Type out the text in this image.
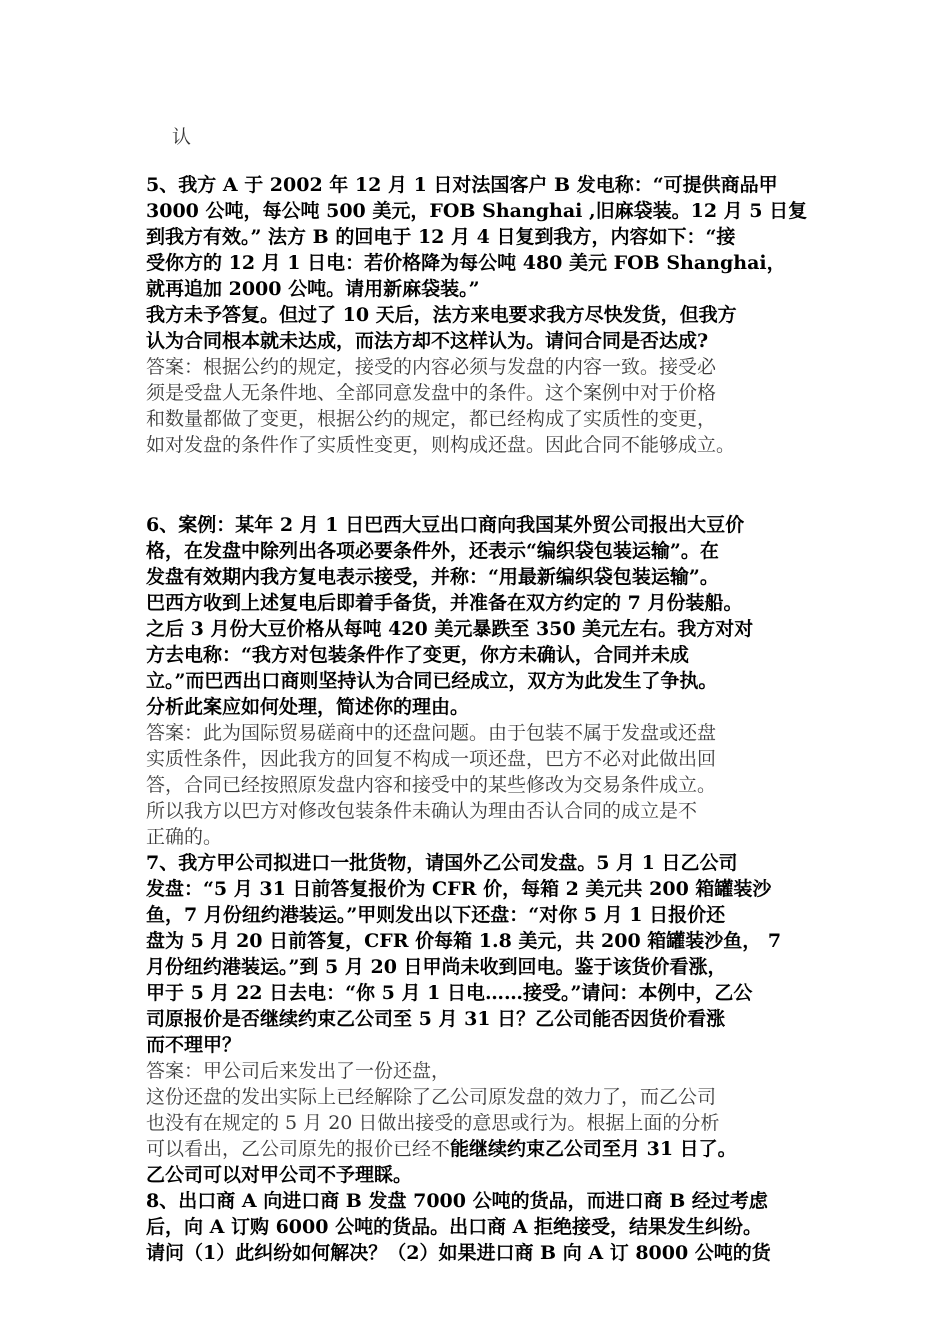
认
5、我方 A 于 2002 年 12 月 1 日对法国客户 B 发电称：“可提供商品甲
3000 公吨，每公吨 500 美元，FOB Shanghai ,旧麻袋装。12 月 5 日复
到我方有效。” 法方 B 的回电于 12 月 4 日复到我方，内容如下：“接
受你方的 12 月 1 日电：若价格降为每公吨 480 美元 FOB Shanghai，
就再追加 2000 公吨。请用新麻袋装。”
我方未予答复。但过了 10 天后，法方来电要求我方尽快发货，但我方
认为合同根本就未达成，而法方却不这样认为。请问合同是否达成?
答案：根据公约的规定，接受的内容必须与发盘的内容一致。接受必
须是受盘人无条件地、全部同意发盘中的条件。这个案例中对于价格
和数量都做了变更，根据公约的规定，都已经构成了实质性的变更，
如对发盘的条件作了实质性变更，则构成还盘。因此合同不能够成立。
6、案例：某年 2 月 1 日巴西大豆出口商向我国某外贸公司报出大豆价
格，在发盘中除列出各项必要条件外，还表示“编织袋包装运输”。在
发盘有效期内我方复电表示接受，并称：“用最新编织袋包装运输”。
巴西方收到上述复电后即着手备货，并准备在双方约定的 7 月份装船。
之后 3 月份大豆价格从每吨 420 美元暴跌至 350 美元左右。我方对对
方去电称：“我方对包装条件作了变更，你方未确认，合同并未成
立。”而巴西出口商则坚持认为合同已经成立，双方为此发生了争执。
分析此案应如何处理，简述你的理由。
答案：此为国际贸易磋商中的还盘问题。由于包装不属于发盘或还盘
实质性条件，因此我方的回复不构成一项还盘，巴方不必对此做出回
答，合同已经按照原发盘内容和接受中的某些修改为交易条件成立。
所以我方以巴方对修改包装条件未确认为理由否认合同的成立是不
正确的。
7、我方甲公司拟进口一批货物，请国外乙公司发盘。5 月 1 日乙公司
发盘：“5 月 31 日前答复报价为 CFR 价，每箱 2 美元共 200 箱罐装沙
鱼，7 月份纽约港装运。”甲则发出以下还盘：“对你 5 月 1 日报价还
盘为 5 月 20 日前答复，CFR 价每箱 1.8 美元，共 200 箱罐装沙鱼， 7
月份纽约港装运。”到 5 月 20 日甲尚未收到回电。鉴于该货价看涨，
甲于 5 月 22 日去电：“你 5 月 1 日电……接受。”请问：本例中，乙公
司原报价是否继续约束乙公司至 5 月 31 日？乙公司能否因货价看涨
而不理甲？
答案：甲公司后来发出了一份还盘，
这份还盘的发出实际上已经解除了乙公司原发盘的效力了，而乙公司
也没有在规定的 5 月 20 日做出接受的意思或行为。根据上面的分析
可以看出，乙公司原先的报价已经不能继续约束乙公司至月 31 日了。
乙公司可以对甲公司不予理睬。
8、出口商 A 向进口商 B 发盘 7000 公吨的货品，而进口商 B 经过考虑
后，向 A 订购 6000 公吨的货品。出口商 A 拒绝接受，结果发生纠纷。
请问（1）此纠纷如何解决？（2）如果进口商 B 向 A 订 8000 公吨的货
